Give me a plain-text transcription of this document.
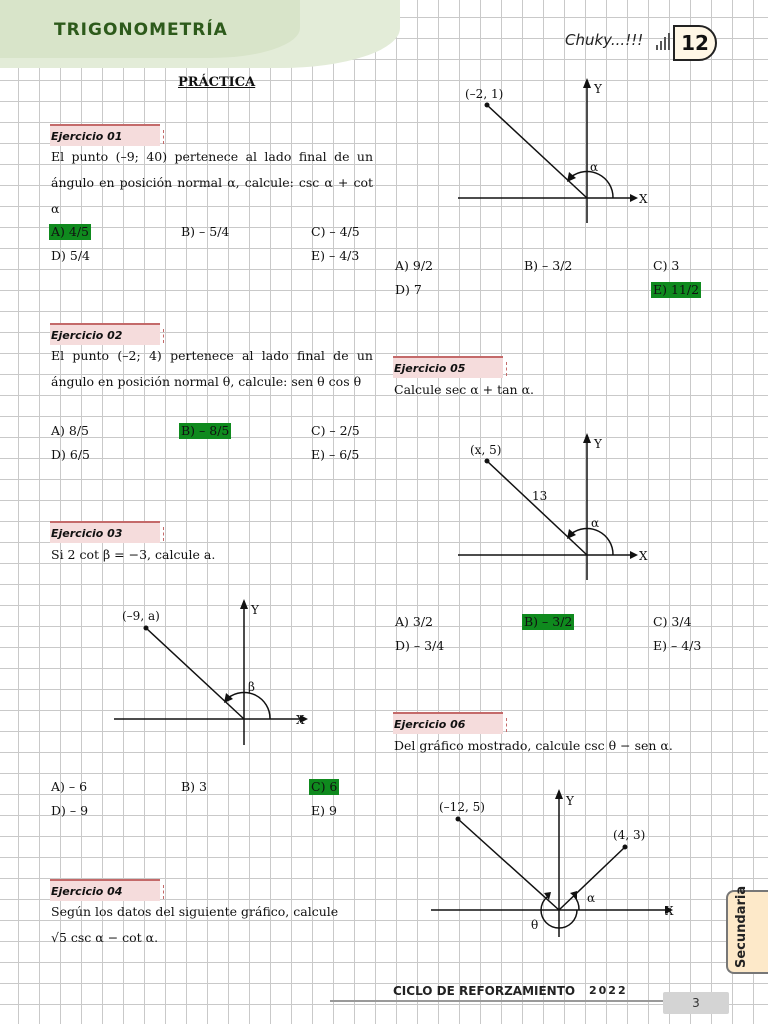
TRIGONOMETRÍA	Chuky...!!!	12
PRÁCTICA
Ejercicio 01
El punto (–9; 40) pertenece al lado final de un ángulo en posición normal α, calcule: csc α + cot α
A) 4/5	B) – 5/4	C) – 4/5
D) 5/4	E) – 4/3
Ejercicio 02
El punto (–2; 4) pertenece al lado final de un ángulo en posición normal θ, calcule: sen θ cos θ
A) 8/5	B) – 8/5	C) – 2/5
D) 6/5	E) – 6/5
Ejercicio 03
Si 2 cot β = −3, calcule a.
(–9, a)
β
X
Y
A) – 6	B) 3	C) 6
D) – 9	E) 9
Ejercicio 04
Según los datos del siguiente gráfico, calcule
√5 csc α − cot α.
(–2, 1)
α
X
Y
A) 9/2	B) – 3/2	C) 3
D) 7	E) 11/2
Ejercicio 05
Calcule sec α + tan α.
(x, 5)
13
α
X
Y
A) 3/2	B) – 3/2	C) 3/4
D) – 3/4	E) – 4/3
Ejercicio 06
Del gráfico mostrado, calcule csc θ − sen α.
(–12, 5)
(4, 3)
θ
α
X
Y
Secundaria
CICLO DE REFORZAMIENTO 2022
3
